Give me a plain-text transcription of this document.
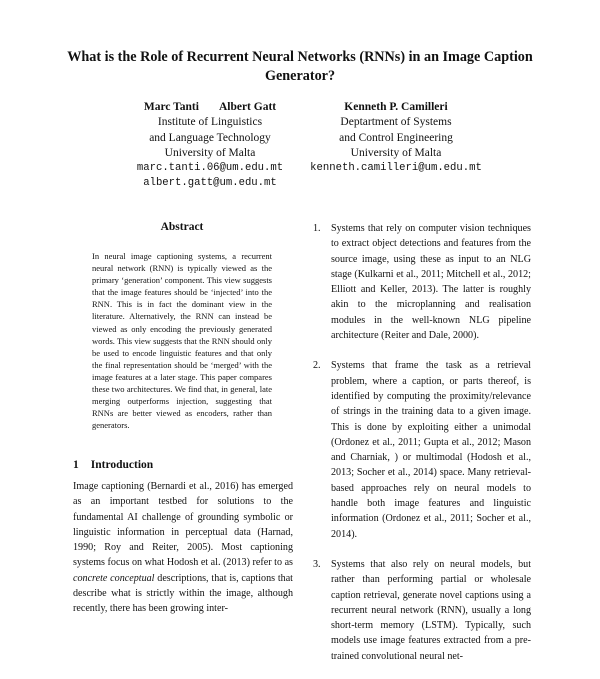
What is the Role of Recurrent Neural Networks (RNNs) in an Image Caption Generator?
Marc Tanti Albert Gatt
Institute of Linguistics
and Language Technology
University of Malta
marc.tanti.06@um.edu.mt
albert.gatt@um.edu.mt
Kenneth P. Camilleri
Deptartment of Systems
and Control Engineering
University of Malta
kenneth.camilleri@um.edu.mt
Abstract

In neural image captioning systems, a recurrent neural network (RNN) is typically viewed as the primary ‘generation’ component. This view suggests that the image features should be ‘injected’ into the RNN. This is in fact the dominant view in the literature. Alternatively, the RNN can instead be viewed as only encoding the previously generated words. This view suggests that the RNN should only be used to encode linguistic features and that only the final representation should be ‘merged’ with the image features at a later stage. This paper compares these two architectures. We find that, in general, late merging outperforms injection, suggesting that RNNs are better viewed as encoders, rather than generators.

1 Introduction

Image captioning (Bernardi et al., 2016) has emerged as an important testbed for solutions to the fundamental AI challenge of grounding symbolic or linguistic information in perceptual data (Harnad, 1990; Roy and Reiter, 2005). Most captioning systems focus on what Hodosh et al. (2013) refer to as concrete conceptual descriptions, that is, captions that describe what is strictly within the image, although recently, there has been growing inter-

1. Systems that rely on computer vision techniques to extract object detections and features from the source image, using these as input to an NLG stage (Kulkarni et al., 2011; Mitchell et al., 2012; Elliott and Keller, 2013). The latter is roughly akin to the microplanning and realisation modules in the well-known NLG pipeline architecture (Reiter and Dale, 2000).
2. Systems that frame the task as a retrieval problem, where a caption, or parts thereof, is identified by computing the proximity/relevance of strings in the training data to a given image. This is done by exploiting either a unimodal (Ordonez et al., 2011; Gupta et al., 2012; Mason and Charniak, ) or multimodal (Hodosh et al., 2013; Socher et al., 2014) space. Many retrieval-based approaches rely on neural models to handle both image features and linguistic information (Ordonez et al., 2011; Socher et al., 2014).
3. Systems that also rely on neural models, but rather than performing partial or wholesale caption retrieval, generate novel captions using a recurrent neural network (RNN), usually a long short-term memory (LSTM). Typically, such models use image features extracted from a pre-trained convolutional neural net-
